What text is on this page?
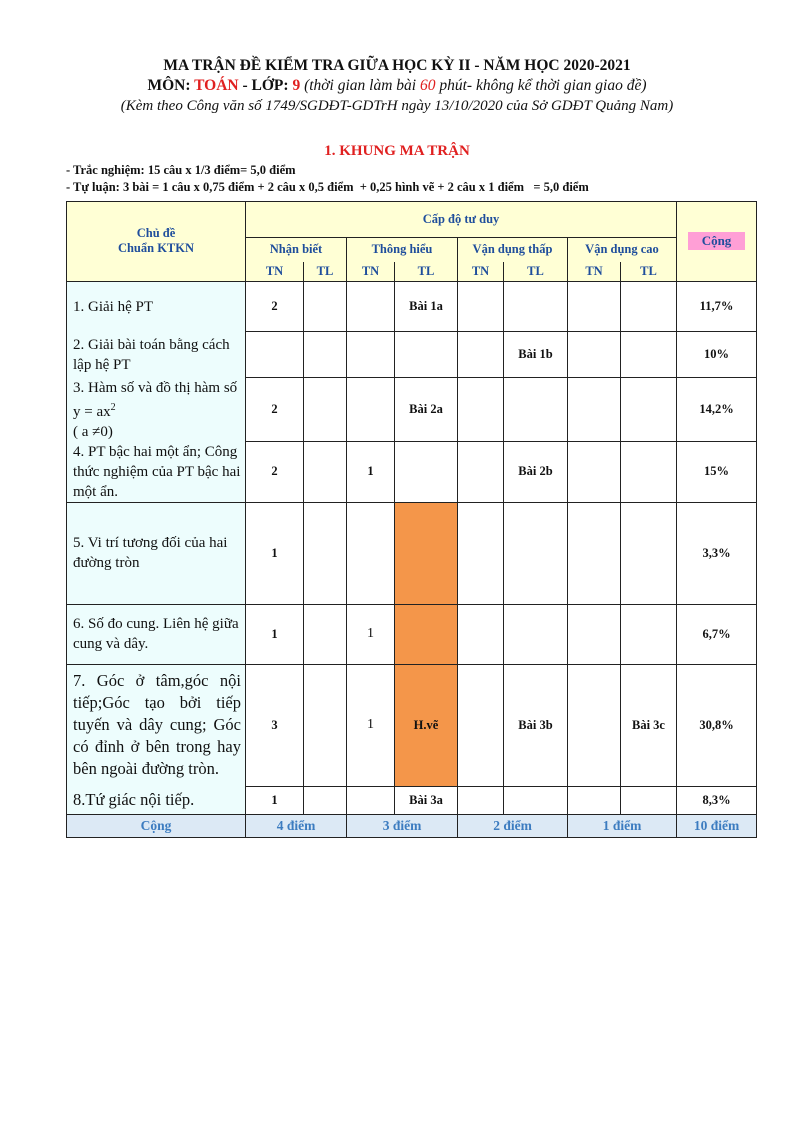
MA TRẬN ĐỀ KIỂM TRA GIỮA HỌC KỲ II - NĂM HỌC 2020-2021
MÔN: TOÁN - LỚP: 9 (thời gian làm bài 60 phút- không kể thời gian giao đề)
(Kèm theo Công văn số 1749/SGDĐT-GDTrH ngày 13/10/2020 của Sở GDĐT Quảng Nam)
1. KHUNG MA TRẬN
- Trắc nghiệm: 15 câu x 1/3 điểm= 5,0 điểm
- Tự luận: 3 bài = 1 câu x 0,75 điểm + 2 câu x 0,5 điểm  + 0,25 hình vẽ + 2 câu x 1 điểm   = 5,0 điểm
Chủ đề
Chuẩn KTKN	Cấp độ tư duy								Cộng
	Nhận biết		Thông hiểu		Vận dụng thấp		Vận dụng cao		
	TN	TL	TN	TL	TN	TL	TN	TL	
1. Giải hệ PT	2			Bài 1a					11,7%
2. Giải bài toán bằng cách lập hệ PT						Bài 1b			10%
3. Hàm số và đồ thị hàm số $y = ax^2$
( a ≠0)	2			Bài 2a					14,2%
4. PT bậc hai một ẩn; Công thức nghiệm của PT bậc hai một ẩn.	2		1			Bài 2b			15%
5. Vi trí tương đối của hai đường tròn	1								3,3%
6. Số đo cung. Liên hệ giữa cung và dây.	1		1						6,7%
7. Góc ở tâm,góc nội tiếp;Góc tạo bởi tiếp tuyến và dây cung; Góc có đỉnh ở bên trong hay bên ngoài đường tròn.	3		1	H.vẽ		Bài 3b		Bài 3c	30,8%
8.Tứ giác nội tiếp.	1			Bài 3a					8,3%
Cộng	4 điểm		3 điểm		2 điểm		1 điểm		10 điểm
